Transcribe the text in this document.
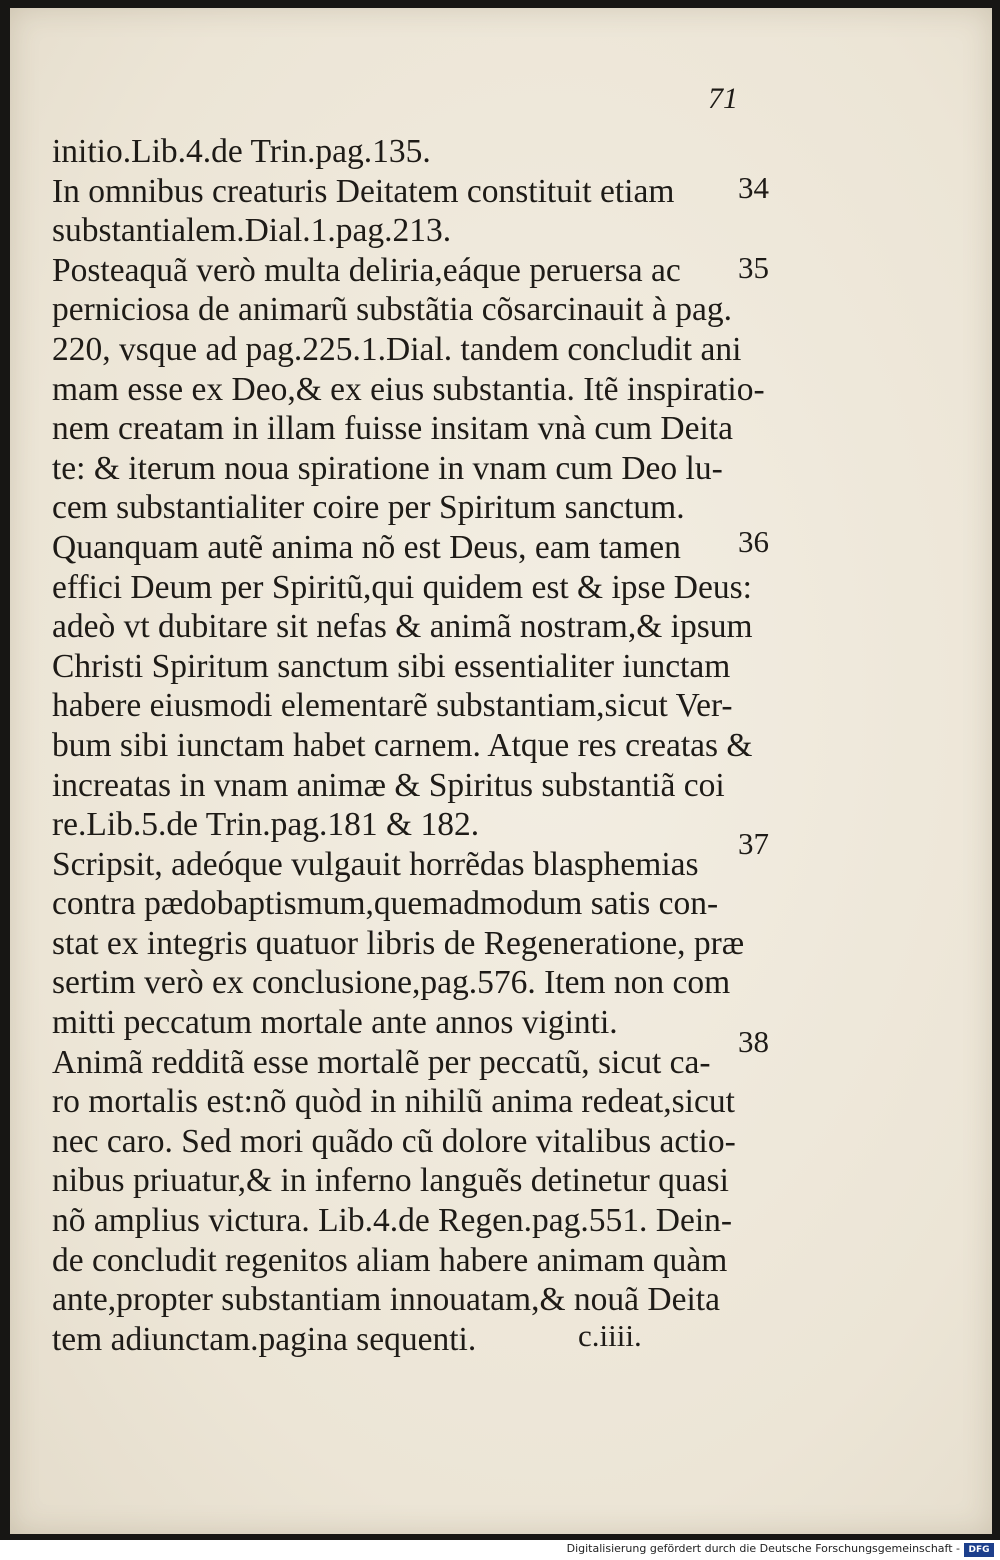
71
initio.Lib.4.de Trin.pag.135.
In omnibus creaturis Deitatem constituit etiam
substantialem.Dial.1.pag.213.
Posteaquã verò multa deliria,eáque peruersa ac
perniciosa de animarũ substãtia cõsarcinauit à pag.
220, vsque ad pag.225.1.Dial. tandem concludit ani
mam esse ex Deo,& ex eius substantia. Itẽ inspiratio-
nem creatam in illam fuisse insitam vnà cum Deita
te: & iterum noua spiratione in vnam cum Deo lu-
cem substantialiter coire per Spiritum sanctum.
Quanquam autẽ anima nõ est Deus, eam tamen
effici Deum per Spiritũ,qui quidem est & ipse Deus:
adeò vt dubitare sit nefas & animã nostram,& ipsum
Christi Spiritum sanctum sibi essentialiter iunctam
habere eiusmodi elementarẽ substantiam,sicut Ver-
bum sibi iunctam habet carnem. Atque res creatas &
increatas in vnam animæ & Spiritus substantiã coi
re.Lib.5.de Trin.pag.181 & 182.
Scripsit, adeóque vulgauit horrẽdas blasphemias
contra pædobaptismum,quemadmodum satis con-
stat ex integris quatuor libris de Regeneratione, præ
sertim verò ex conclusione,pag.576. Item non com
mitti peccatum mortale ante annos viginti.
Animã redditã esse mortalẽ per peccatũ, sicut ca-
ro mortalis est:nõ quòd in nihilũ anima redeat,sicut
nec caro. Sed mori quãdo cũ dolore vitalibus actio-
nibus priuatur,& in inferno languẽs detinetur quasi
nõ amplius victura. Lib.4.de Regen.pag.551. Dein-
de concludit regenitos aliam habere animam quàm
ante,propter substantiam innouatam,& nouã Deita
tem adiunctam.pagina sequenti.
34
35
36
37
38
c.iiii.
Digitalisierung gefördert durch die Deutsche Forschungsgemeinschaft - DFG
